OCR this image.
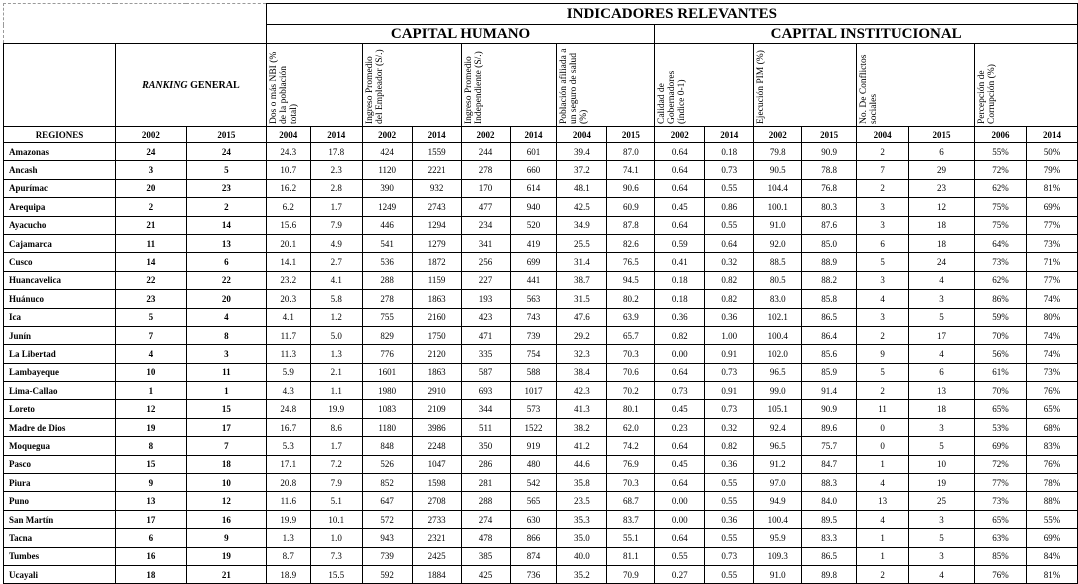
			INDICADORES RELEVANTES															
			CAPITAL HUMANO								CAPITAL INSTITUCIONAL							
	RANKING GENERAL		Dos o más NBI (% de la población total)		Ingreso Promedio del Empleador (S/.)		Ingreso Promedio Independiente (S/.)		Población afiliada a un seguro de salud (%)		Calidad de Gobernadores (índice 0-1)		Ejecución PIM (%)		No. De Conflictos sociales		Percepción de Corrupción (%)	

REGIONES	2002	2015	2004	2014	2002	2014	2002	2014	2004	2015	2002	2014	2002	2015	2004	2015	2006	2014
Amazonas	24	24	24.3	17.8	424	1559	244	601	39.4	87.0	0.64	0.18	79.8	90.9	2	6	55%	50%
Ancash	3	5	10.7	2.3	1120	2221	278	660	37.2	74.1	0.64	0.73	90.5	78.8	7	29	72%	79%
Apurímac	20	23	16.2	2.8	390	932	170	614	48.1	90.6	0.64	0.55	104.4	76.8	2	23	62%	81%
Arequipa	2	2	6.2	1.7	1249	2743	477	940	42.5	60.9	0.45	0.86	100.1	80.3	3	12	75%	69%
Ayacucho	21	14	15.6	7.9	446	1294	234	520	34.9	87.8	0.64	0.55	91.0	87.6	3	18	75%	77%
Cajamarca	11	13	20.1	4.9	541	1279	341	419	25.5	82.6	0.59	0.64	92.0	85.0	6	18	64%	73%
Cusco	14	6	14.1	2.7	536	1872	256	699	31.4	76.5	0.41	0.32	88.5	88.9	5	24	73%	71%
Huancavelica	22	22	23.2	4.1	288	1159	227	441	38.7	94.5	0.18	0.82	80.5	88.2	3	4	62%	77%
Huánuco	23	20	20.3	5.8	278	1863	193	563	31.5	80.2	0.18	0.82	83.0	85.8	4	3	86%	74%
Ica	5	4	4.1	1.2	755	2160	423	743	47.6	63.9	0.36	0.36	102.1	86.5	3	5	59%	80%
Junín	7	8	11.7	5.0	829	1750	471	739	29.2	65.7	0.82	1.00	100.4	86.4	2	17	70%	74%
La Libertad	4	3	11.3	1.3	776	2120	335	754	32.3	70.3	0.00	0.91	102.0	85.6	9	4	56%	74%
Lambayeque	10	11	5.9	2.1	1601	1863	587	588	38.4	70.6	0.64	0.73	96.5	85.9	5	6	61%	73%
Lima-Callao	1	1	4.3	1.1	1980	2910	693	1017	42.3	70.2	0.73	0.91	99.0	91.4	2	13	70%	76%
Loreto	12	15	24.8	19.9	1083	2109	344	573	41.3	80.1	0.45	0.73	105.1	90.9	11	18	65%	65%
Madre de Dios	19	17	16.7	8.6	1180	3986	511	1522	38.2	62.0	0.23	0.32	92.4	89.6	0	3	53%	68%
Moquegua	8	7	5.3	1.7	848	2248	350	919	41.2	74.2	0.64	0.82	96.5	75.7	0	5	69%	83%
Pasco	15	18	17.1	7.2	526	1047	286	480	44.6	76.9	0.45	0.36	91.2	84.7	1	10	72%	76%
Piura	9	10	20.8	7.9	852	1598	281	542	35.8	70.3	0.64	0.55	97.0	88.3	4	19	77%	78%
Puno	13	12	11.6	5.1	647	2708	288	565	23.5	68.7	0.00	0.55	94.9	84.0	13	25	73%	88%
San Martín	17	16	19.9	10.1	572	2733	274	630	35.3	83.7	0.00	0.36	100.4	89.5	4	3	65%	55%
Tacna	6	9	1.3	1.0	943	2321	478	866	35.0	55.1	0.64	0.55	95.9	83.3	1	5	63%	69%
Tumbes	16	19	8.7	7.3	739	2425	385	874	40.0	81.1	0.55	0.73	109.3	86.5	1	3	85%	84%
Ucayali	18	21	18.9	15.5	592	1884	425	736	35.2	70.9	0.27	0.55	91.0	89.8	2	4	76%	81%
